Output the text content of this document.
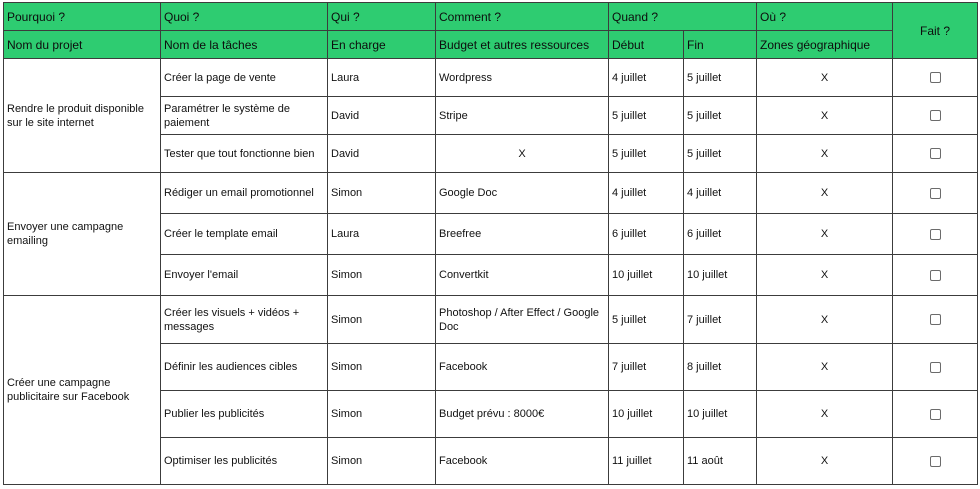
Pourquoi ?	Quoi ?	Qui ?	Comment ?	Quand ?		Où ?	Fait ?
Nom du projet	Nom de la tâches	En charge	Budget et autres ressources	Début	Fin	Zones géographique	
Rendre le produit disponible sur le site internet	Créer la page de vente	Laura	Wordpress	4 juillet	5 juillet	X	
	Paramétrer le système de paiement	David	Stripe	5 juillet	5 juillet	X	
	Tester que tout fonctionne bien	David	X	5 juillet	5 juillet	X	
Envoyer une campagne emailing	Rédiger un email promotionnel	Simon	Google Doc	4 juillet	4 juillet	X	
	Créer le template email	Laura	Breefree	6 juillet	6 juillet	X	
	Envoyer l'email	Simon	Convertkit	10 juillet	10 juillet	X	
Créer une campagne publicitaire sur Facebook	Créer les visuels + vidéos + messages	Simon	Photoshop / After Effect / Google Doc	5 juillet	7 juillet	X	
	Définir les audiences cibles	Simon	Facebook	7 juillet	8 juillet	X	
	Publier les publicités	Simon	Budget prévu : 8000€	10 juillet	10 juillet	X	
	Optimiser les publicités	Simon	Facebook	11 juillet	11 août	X	
